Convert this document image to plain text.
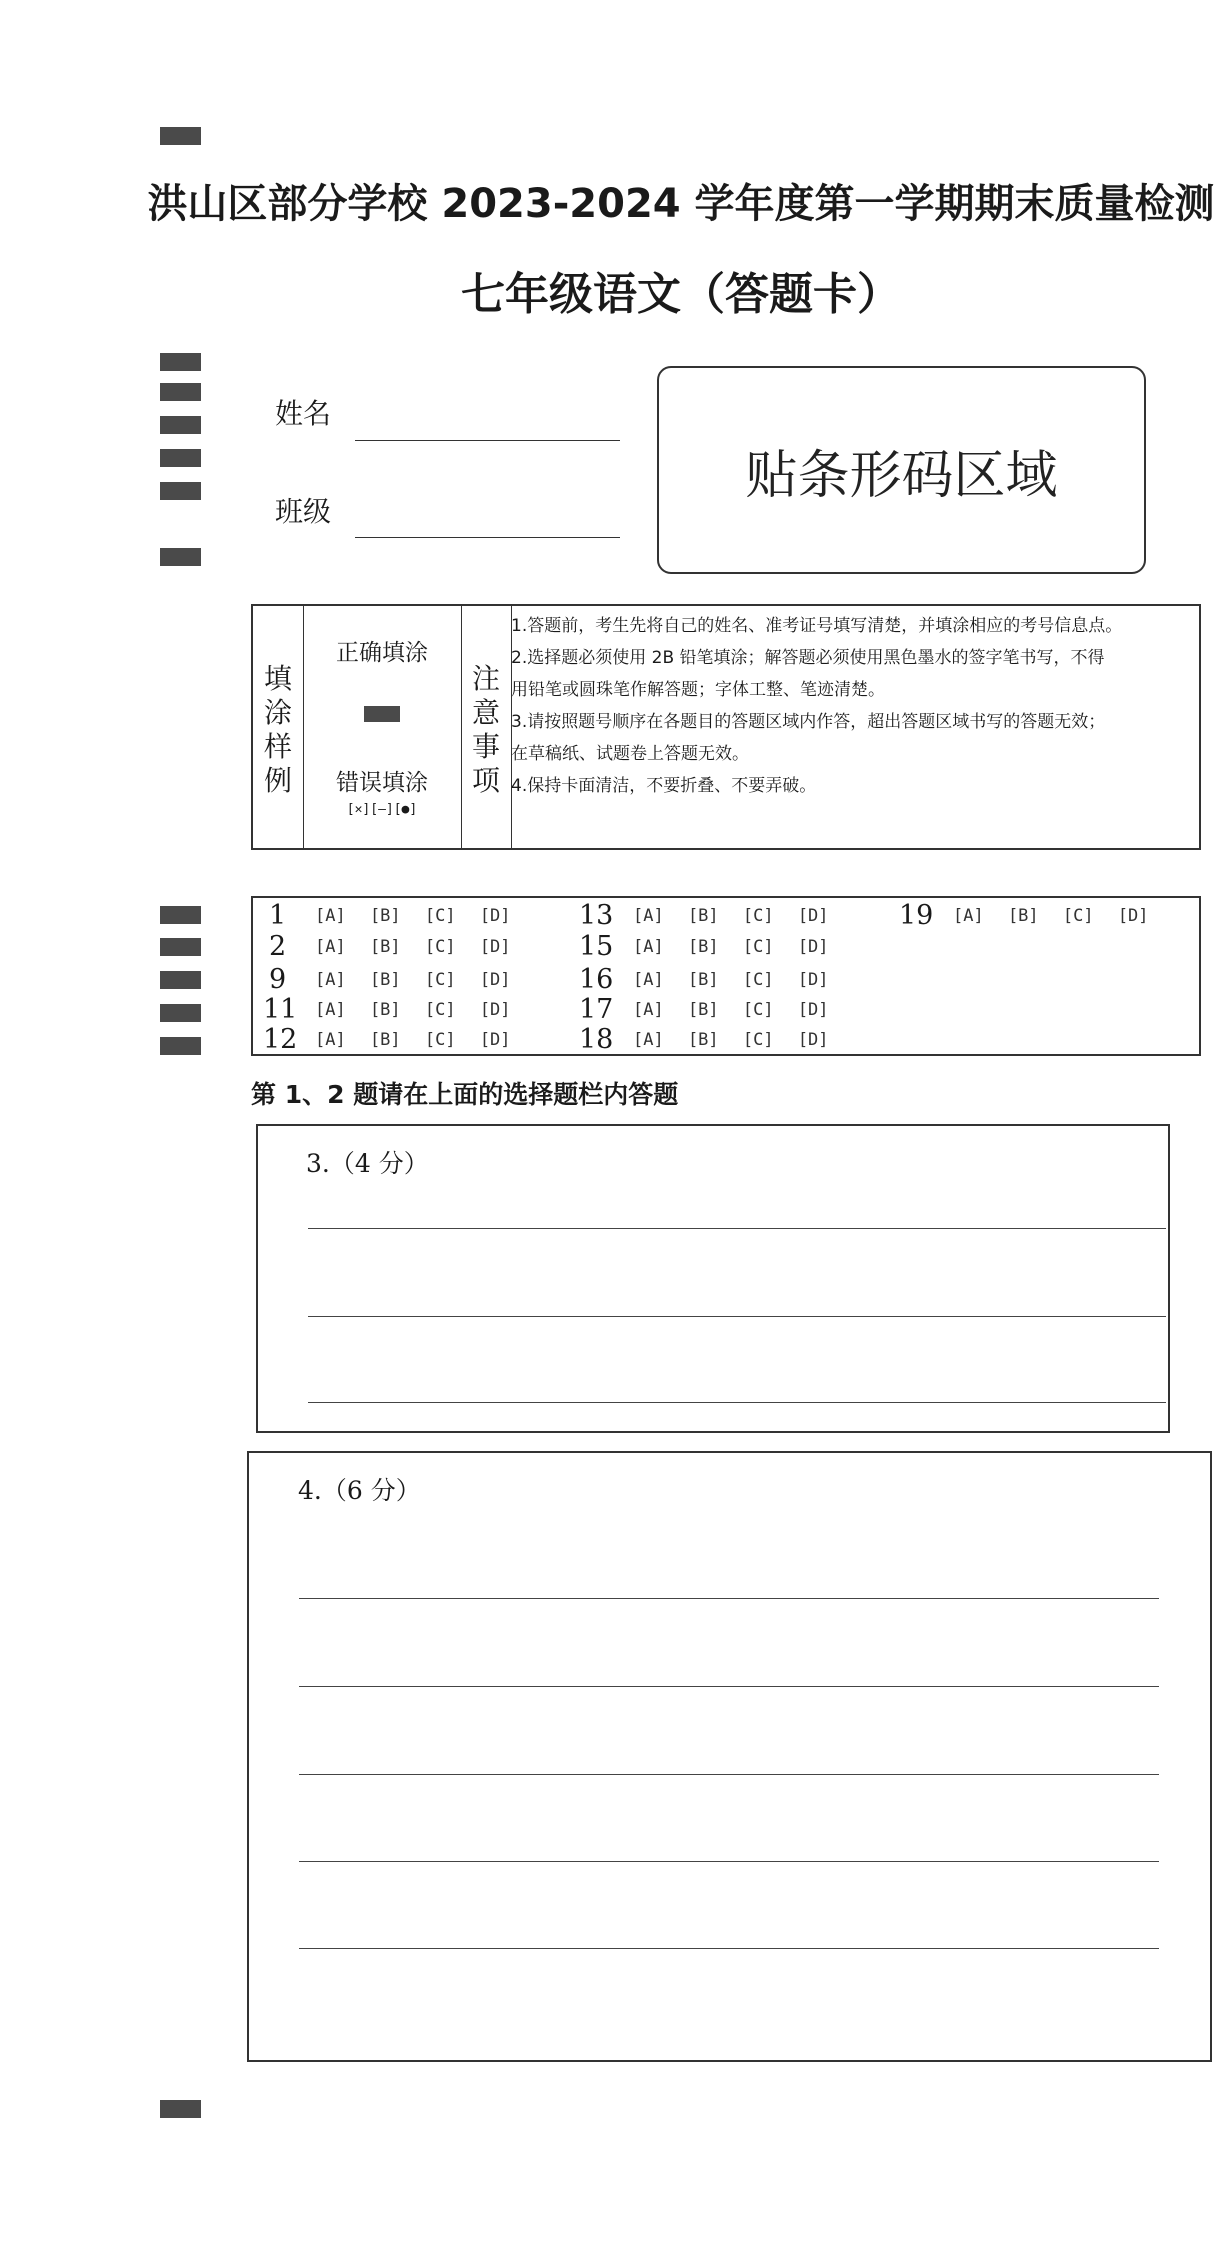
洪山区部分学校 2023-2024 学年度第一学期期末质量检测
七年级语文（答题卡）
姓名
班级
贴条形码区域
填涂样例
正确填涂
错误填涂
[✕][—][●]
注意事项
1.答题前，考生先将自己的姓名、准考证号填写清楚，并填涂相应的考号信息点。
2.选择题必须使用 2B 铅笔填涂；解答题必须使用黑色墨水的签字笔书写，不得
用铅笔或圆珠笔作解答题；字体工整、笔迹清楚。
3.请按照题号顺序在各题目的答题区域内作答，超出答题区域书写的答题无效；
在草稿纸、试题卷上答题无效。
4.保持卡面清洁，不要折叠、不要弄破。
1 [A] [B] [C] [D]
2 [A] [B] [C] [D]
9 [A] [B] [C] [D]
11 [A] [B] [C] [D]
12 [A] [B] [C] [D]
13 [A] [B] [C] [D]
15 [A] [B] [C] [D]
16 [A] [B] [C] [D]
17 [A] [B] [C] [D]
18 [A] [B] [C] [D]
19 [A] [B] [C] [D]
第 1、2 题请在上面的选择题栏内答题
3.（4 分）
4.（6 分）
